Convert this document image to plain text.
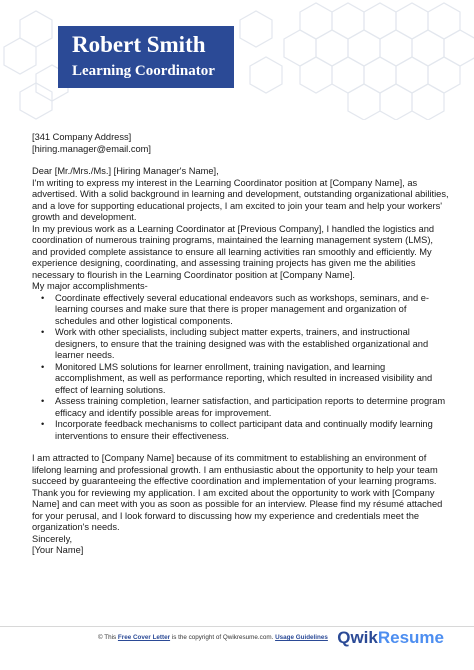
Robert Smith
Learning Coordinator

[341 Company Address]

[hiring.manager@email.com]

Dear [Mr./Mrs./Ms.] [Hiring Manager's Name],

I'm writing to express my interest in the Learning Coordinator position at [Company Name], as advertised. With a solid background in learning and development, outstanding organizational abilities, and a love for supporting educational projects, I am excited to join your team and help your workers' growth and development.

In my previous work as a Learning Coordinator at [Previous Company], I handled the logistics and coordination of numerous training programs, maintained the learning management system (LMS), and provided complete assistance to ensure all learning activities ran smoothly and efficiently. My experience designing, coordinating, and assessing training projects has given me the abilities necessary to flourish in the Learning Coordinator position at [Company Name].

My major accomplishments-

• Coordinate effectively several educational endeavors such as workshops, seminars, and e-learning courses and make sure that there is proper management and organization of schedules and other logistical components.
• Work with other specialists, including subject matter experts, trainers, and instructional designers, to ensure that the training designed was with the established organizational and learner needs.
• Monitored LMS solutions for learner enrollment, training navigation, and learning accomplishment, as well as performance reporting, which resulted in increased visibility and effect of learning solutions.
• Assess training completion, learner satisfaction, and participation reports to determine program efficacy and identify possible areas for improvement.
• Incorporate feedback mechanisms to collect participant data and continually modify learning interventions to ensure their effectiveness.

I am attracted to [Company Name] because of its commitment to establishing an environment of lifelong learning and professional growth. I am enthusiastic about the opportunity to help your team succeed by guaranteeing the effective coordination and implementation of your learning programs.

Thank you for reviewing my application. I am excited about the opportunity to work with [Company Name] and can meet with you as soon as possible for an interview. Please find my résumé attached for your perusal, and I look forward to discussing how my experience and credentials meet the organization's needs.

Sincerely,

[Your Name]

© This Free Cover Letter is the copyright of Qwikresume.com. Usage Guidelines Qwik Resume
